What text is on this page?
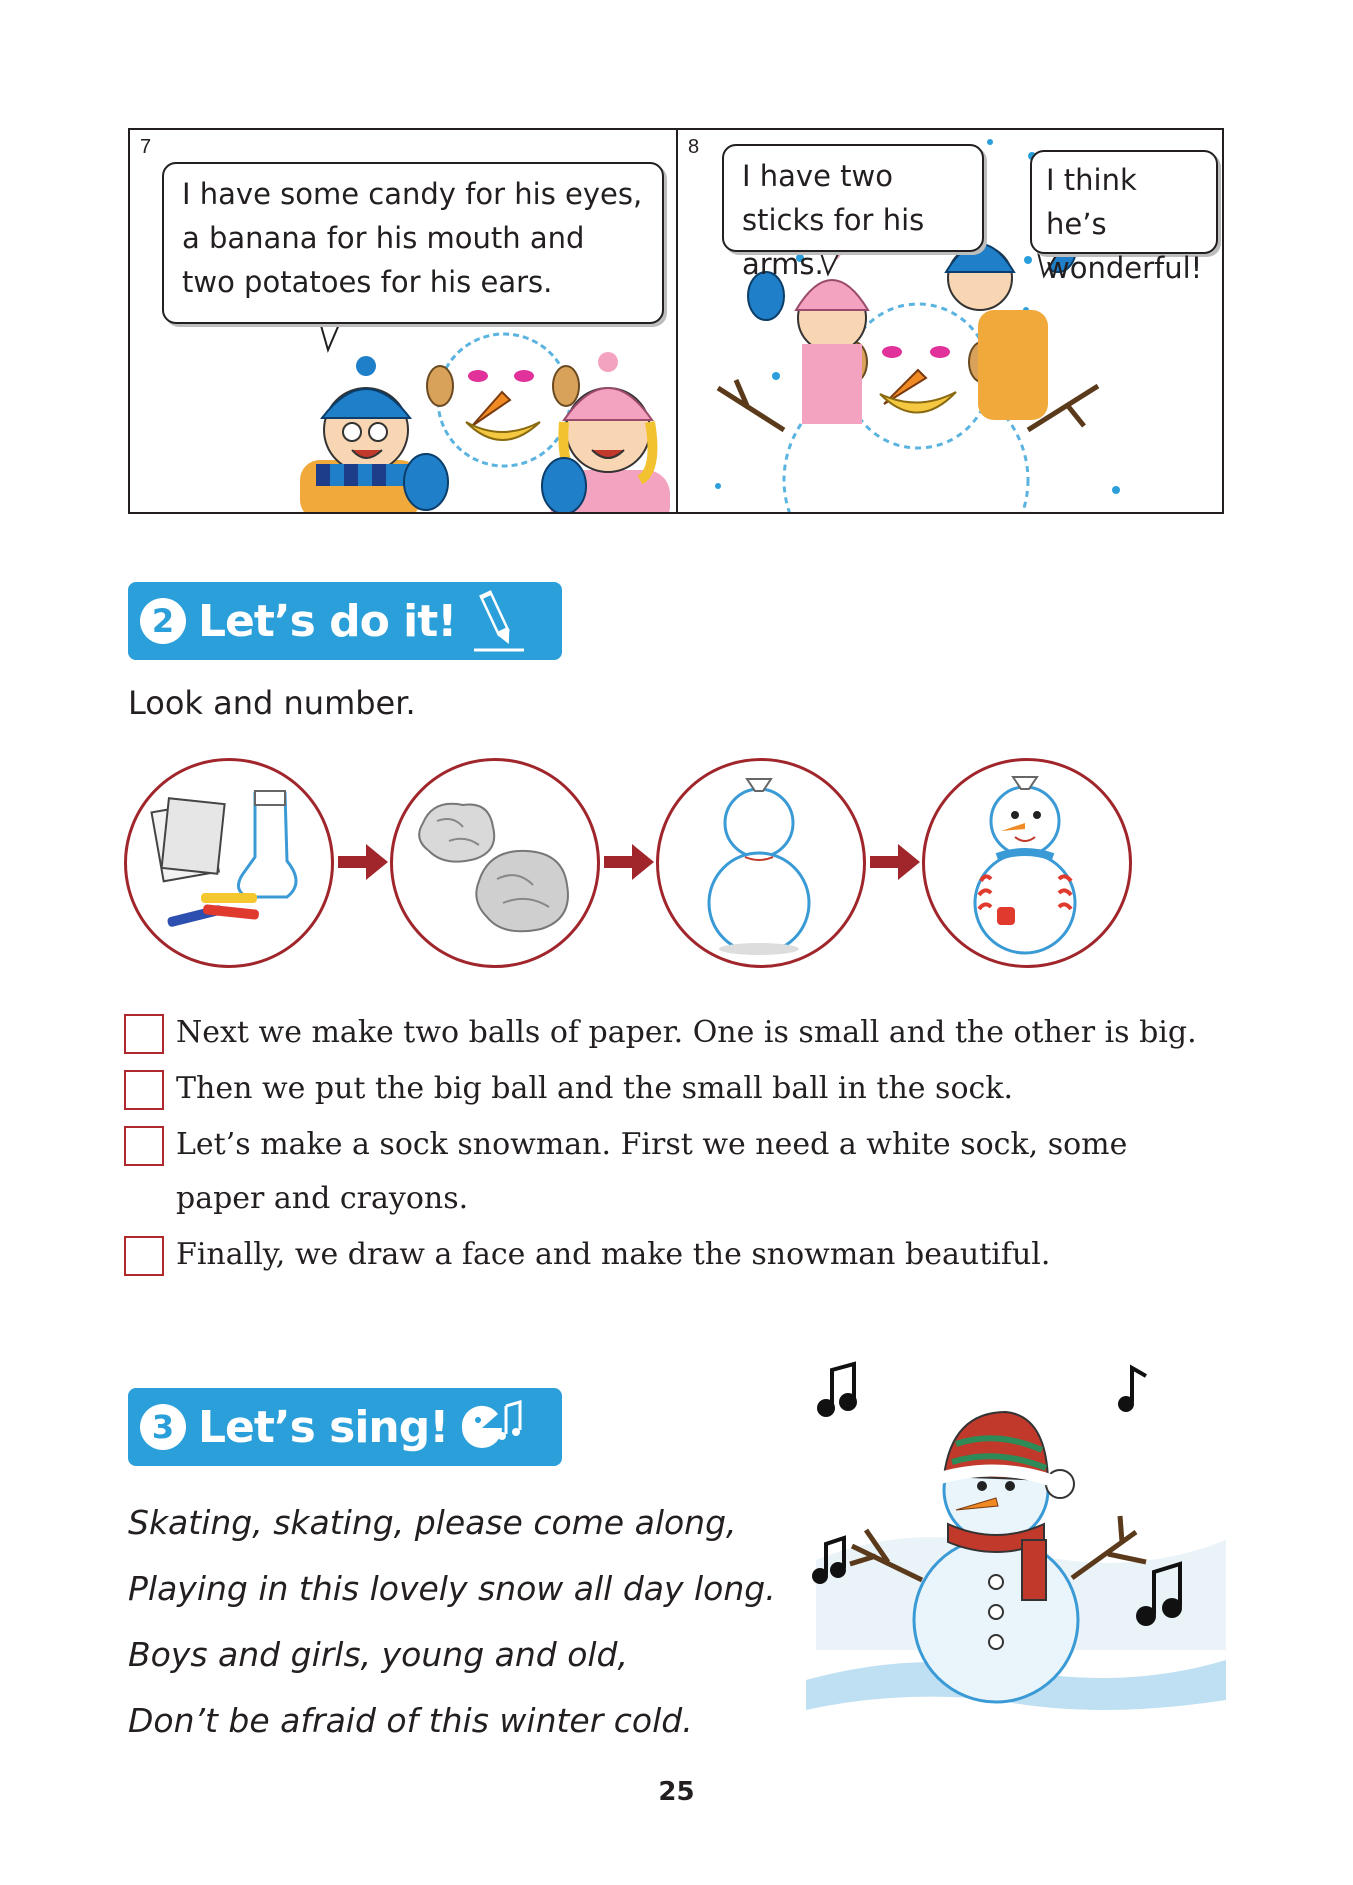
7
I have some candy for his eyes, a banana for his mouth and two potatoes for his ears.
8
I have two sticks for his arms.
I think he’s wonderful!
2 Let’s do it!
Look and number.
Next we make two balls of paper. One is small and the other is big.
Then we put the big ball and the small ball in the sock.
Let’s make a sock snowman. First we need a white sock, some
paper and crayons.
Finally, we draw a face and make the snowman beautiful.
3 Let’s sing!
Skating, skating, please come along,
Playing in this lovely snow all day long.
Boys and girls, young and old,
Don’t be afraid of this winter cold.
25
